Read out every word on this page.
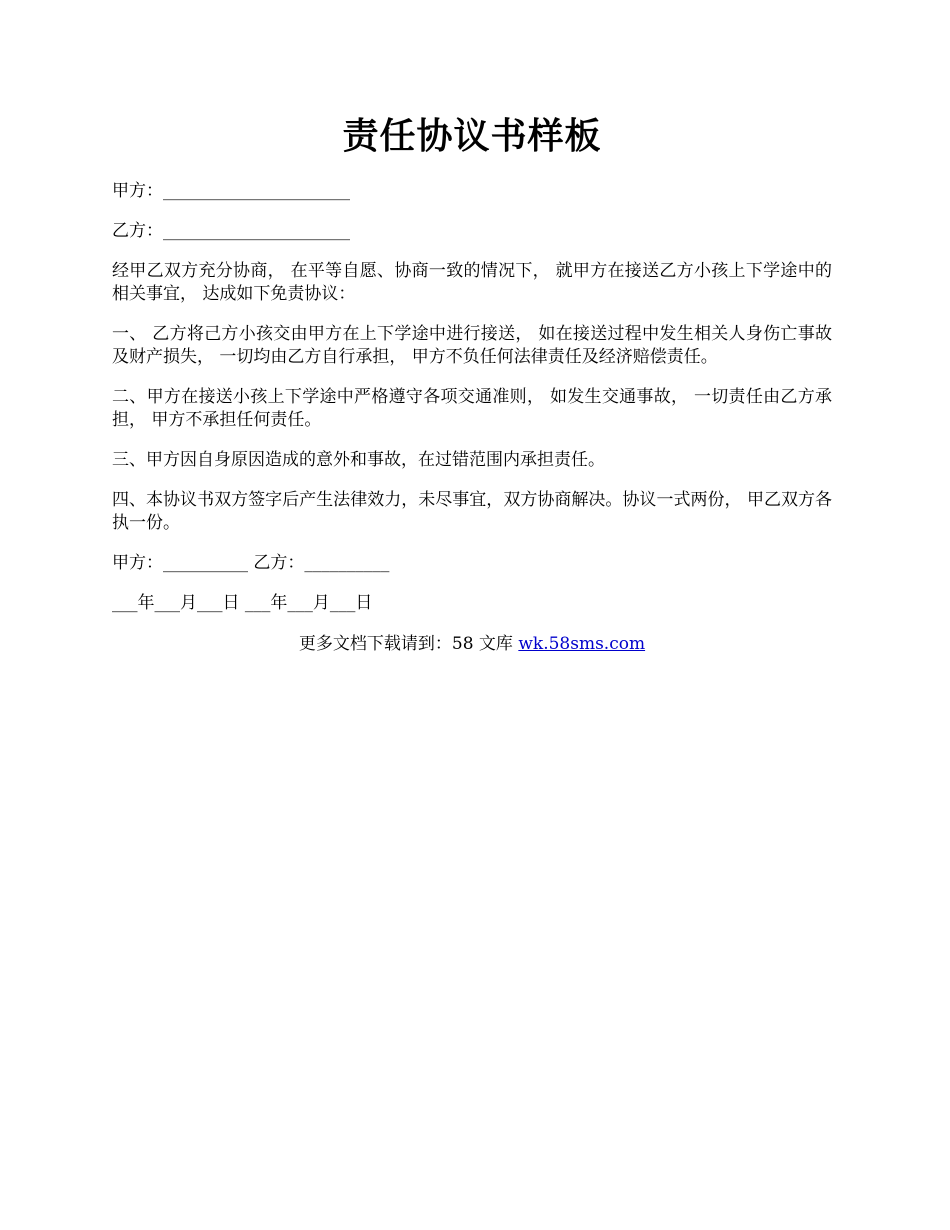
责任协议书样板

甲方：______________________

乙方：______________________

经甲乙双方充分协商， 在平等自愿、协商一致的情况下， 就甲方在接送乙方小孩上下学途中的相关事宜， 达成如下免责协议：

一、 乙方将己方小孩交由甲方在上下学途中进行接送， 如在接送过程中发生相关人身伤亡事故及财产损失， 一切均由乙方自行承担， 甲方不负任何法律责任及经济赔偿责任。

二、甲方在接送小孩上下学途中严格遵守各项交通准则， 如发生交通事故， 一切责任由乙方承担， 甲方不承担任何责任。

三、甲方因自身原因造成的意外和事故，在过错范围内承担责任。

四、本协议书双方签字后产生法律效力，未尽事宜，双方协商解决。协议一式两份， 甲乙双方各执一份。

甲方：__________ 乙方：__________

___年___月___日 ___年___月___日

更多文档下载请到：58 文库 wk.58sms.com
